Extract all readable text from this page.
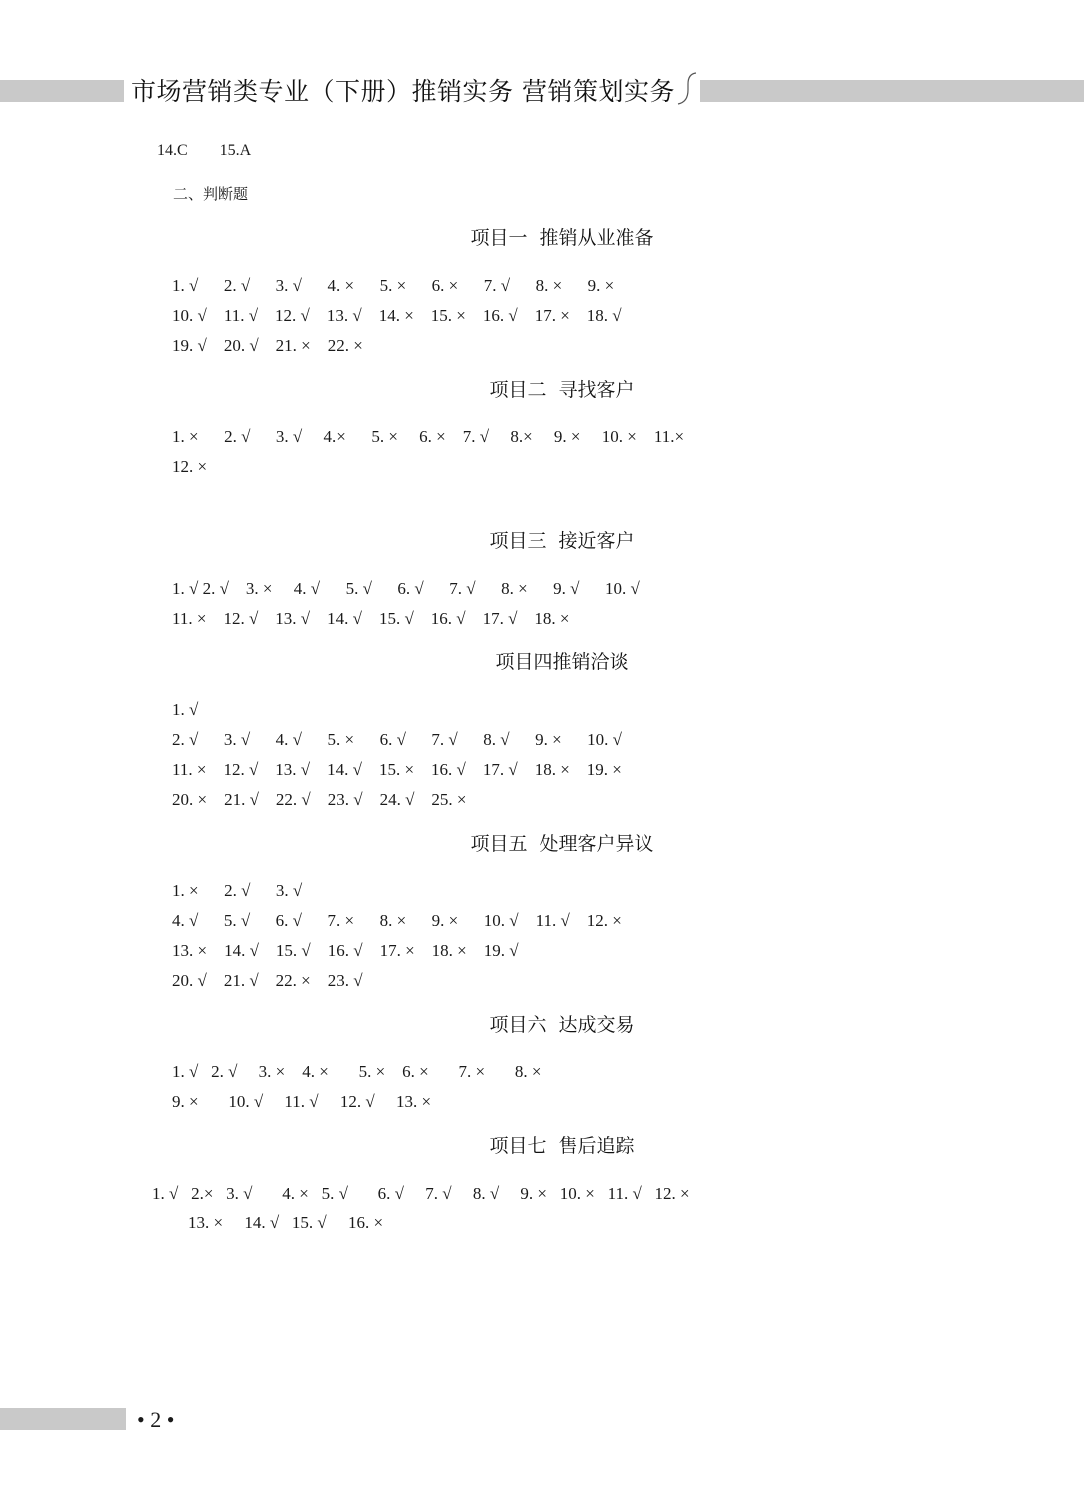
市场营销类专业（下册）推销实务 营销策划实务
14.C        15.A
二、判断题
项目一  推销从业准备
1. √      2. √      3. √      4. ×      5. ×      6. ×      7. √      8. ×      9. ×
10. √    11. √    12. √    13. √    14. ×    15. ×    16. √    17. ×    18. √
19. √    20. √    21. ×    22. ×
项目二  寻找客户
1. ×      2. √      3. √     4.×      5. ×     6. ×    7. √     8.×     9. ×     10. ×    11.×
12. ×
项目三  接近客户
1. √ 2. √    3. ×     4. √      5. √      6. √      7. √      8. ×      9. √      10. √
11. ×    12. √    13. √    14. √    15. √    16. √    17. √    18. ×
项目四推销洽谈
1. √
2. √      3. √      4. √      5. ×      6. √      7. √      8. √      9. ×      10. √
11. ×    12. √    13. √    14. √    15. ×    16. √    17. √    18. ×    19. ×
20. ×    21. √    22. √    23. √    24. √    25. ×
项目五  处理客户异议
1. ×      2. √      3. √
4. √      5. √      6. √      7. ×      8. ×      9. ×      10. √    11. √    12. ×
13. ×    14. √    15. √    16. √    17. ×    18. ×    19. √
20. √    21. √    22. ×    23. √
项目六  达成交易
1. √   2. √     3. ×    4. ×       5. ×    6. ×       7. ×       8. ×
9. ×       10. √     11. √     12. √     13. ×
项目七  售后追踪
1. √   2.×   3. √       4. ×   5. √       6. √     7. √     8. √     9. ×   10. ×   11. √   12. ×
13. ×     14. √   15. √     16. ×
• 2 •
